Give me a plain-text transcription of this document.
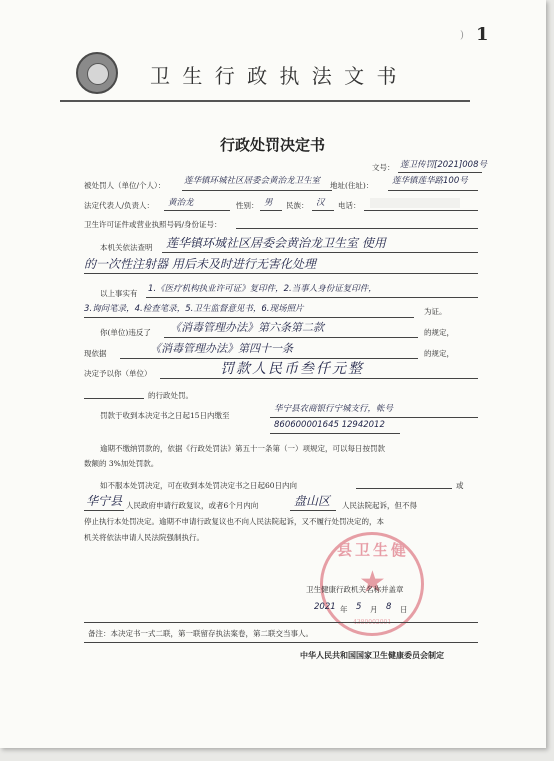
1
)
卫 生 行 政 执 法 文 书
行政处罚决定书
文号： 莲卫传罚[2021]008号
被处罚人（单位/个人）： 莲华镇环城社区居委会黄治龙卫生室 地址(住址)： 莲华镇莲华路100号
法定代表人/负责人： 黄治龙	性别： 男 民族： 汉 电话：
卫生许可证件或营业执照号码/身份证号：
本机关依法查明 莲华镇环城社区居委会黄治龙卫生室 使用
的一次性注射器 用后未及时进行无害化处理
以上事实有 1.《医疗机构执业许可证》复印件，2.当事人身份证复印件，
3.询问笔录，4.检查笔录，5.卫生监督意见书，6.现场照片	为证。
你(单位)违反了 《消毒管理办法》第六条第二款	的规定，
现依据	《消毒管理办法》第四十一条	的规定，
决定予以你（单位）	罚款人民币叁仟元整
的行政处罚。
罚款于收到本决定书之日起15日内缴至
华宁县农商银行宁城支行，帐号
860600001645 12942012
逾期不缴纳罚款的，依据《行政处罚法》第五十一条第（一）项规定，可以每日按罚款
数额的 3%加处罚款。
如不服本处罚决定，可在收到本处罚决定书之日起60日内向	或
华宁县 人民政府申请行政复议，或者6个月内向	盘山区 人民法院起诉，但不得
停止执行本处罚决定。逾期不申请行政复议也不向人民法院起诉，又不履行处罚决定的，本
机关将依法申请人民法院强制执行。
县卫生健
★
4380002001
卫生健康行政机关名称并盖章
2021 年 5 月 8 日
备注：本决定书一式二联，第一联留存执法案卷，第二联交当事人。
中华人民共和国国家卫生健康委员会制定
